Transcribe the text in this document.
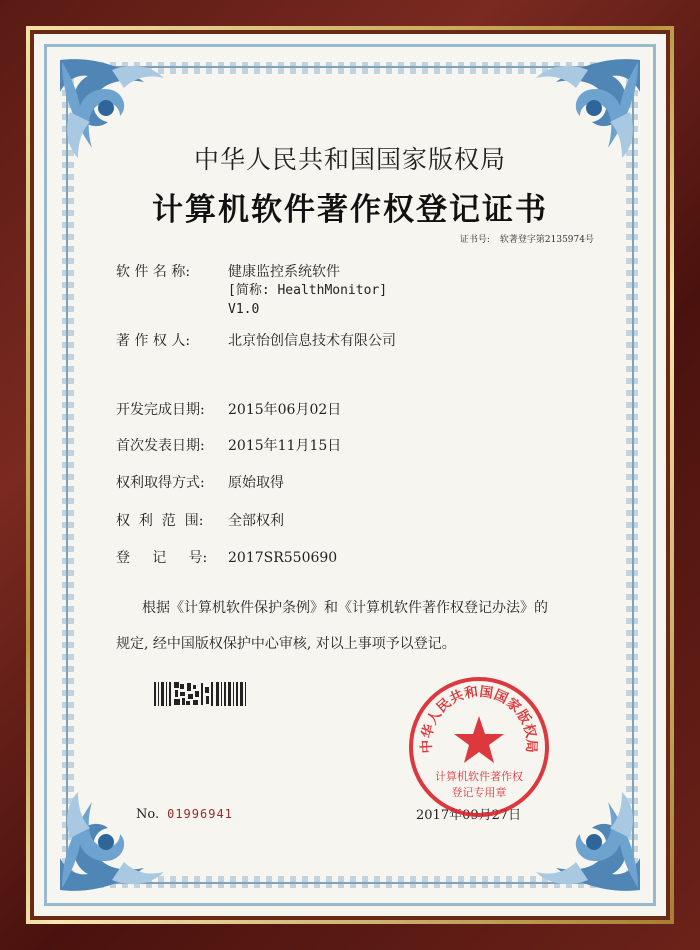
中华人民共和国国家版权局
计算机软件著作权登记证书
证书号: 软著登字第2135974号
软 件 名 称:	健康监控系统软件
[简称: HealthMonitor]
V1.0
著 作 权 人:	北京怡创信息技术有限公司
开发完成日期: 2015年06月02日
首次发表日期: 2015年11月15日
权利取得方式: 原始取得
权  利  范  围: 全部权利
登     记     号: 2017SR550690
根据《计算机软件保护条例》和《计算机软件著作权登记办法》的
规定, 经中国版权保护中心审核, 对以上事项予以登记。
No. 01996941	2017年09月27日
中华人民共和国国家版权局
计算机软件著作权
登记专用章
